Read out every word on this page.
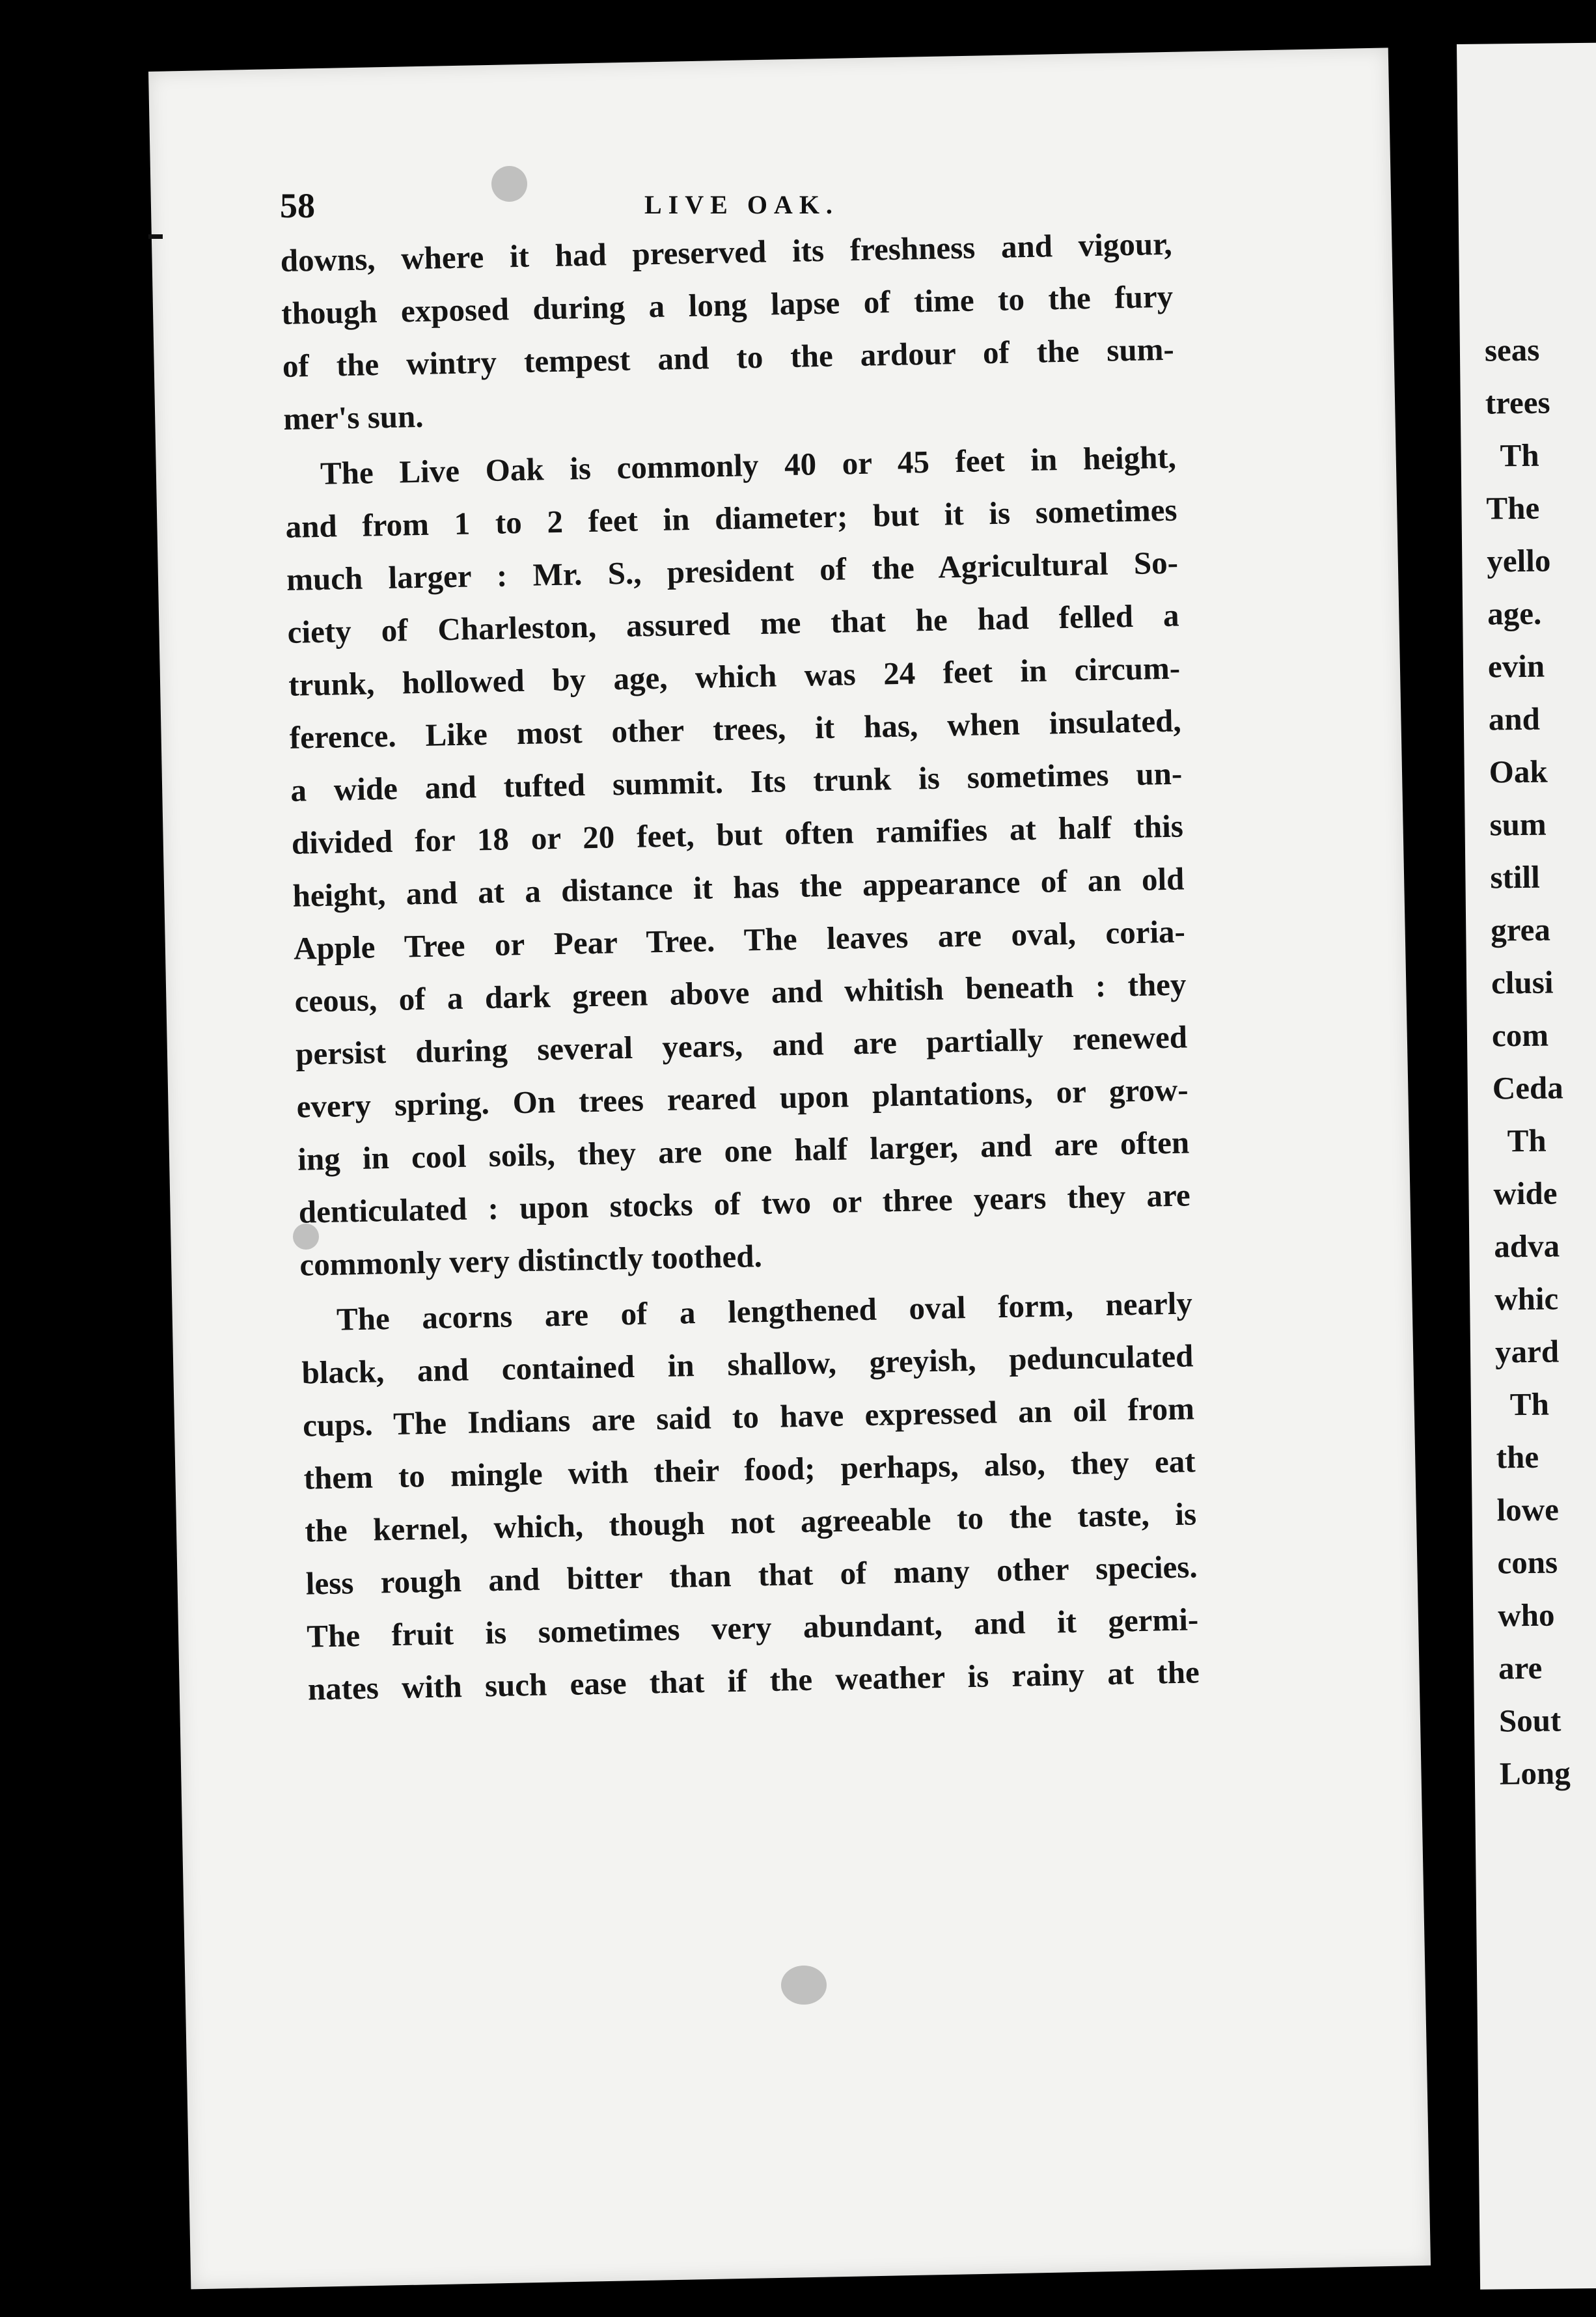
seas
trees
Th
The
yello
age.
evin
and
Oak
sum
still
grea
clusi
com
Ceda
Th
wide
adva
whic
yard
Th
the
lowe
cons
who
are
Sout
Long
58	LIVE OAK.
downs, where it had preserved its freshness and vigour,
though exposed during a long lapse of time to the fury
of the wintry tempest and to the ardour of the sum-
mer's sun.
The Live Oak is commonly 40 or 45 feet in height,
and from 1 to 2 feet in diameter; but it is sometimes
much larger : Mr. S., president of the Agricultural So-
ciety of Charleston, assured me that he had felled a
trunk, hollowed by age, which was 24 feet in circum-
ference. Like most other trees, it has, when insulated,
a wide and tufted summit. Its trunk is sometimes un-
divided for 18 or 20 feet, but often ramifies at half this
height, and at a distance it has the appearance of an old
Apple Tree or Pear Tree. The leaves are oval, coria-
ceous, of a dark green above and whitish beneath : they
persist during several years, and are partially renewed
every spring. On trees reared upon plantations, or grow-
ing in cool soils, they are one half larger, and are often
denticulated : upon stocks of two or three years they are
commonly very distinctly toothed.
The acorns are of a lengthened oval form, nearly
black, and contained in shallow, greyish, pedunculated
cups. The Indians are said to have expressed an oil from
them to mingle with their food; perhaps, also, they eat
the kernel, which, though not agreeable to the taste, is
less rough and bitter than that of many other species.
The fruit is sometimes very abundant, and it germi-
nates with such ease that if the weather is rainy at the
